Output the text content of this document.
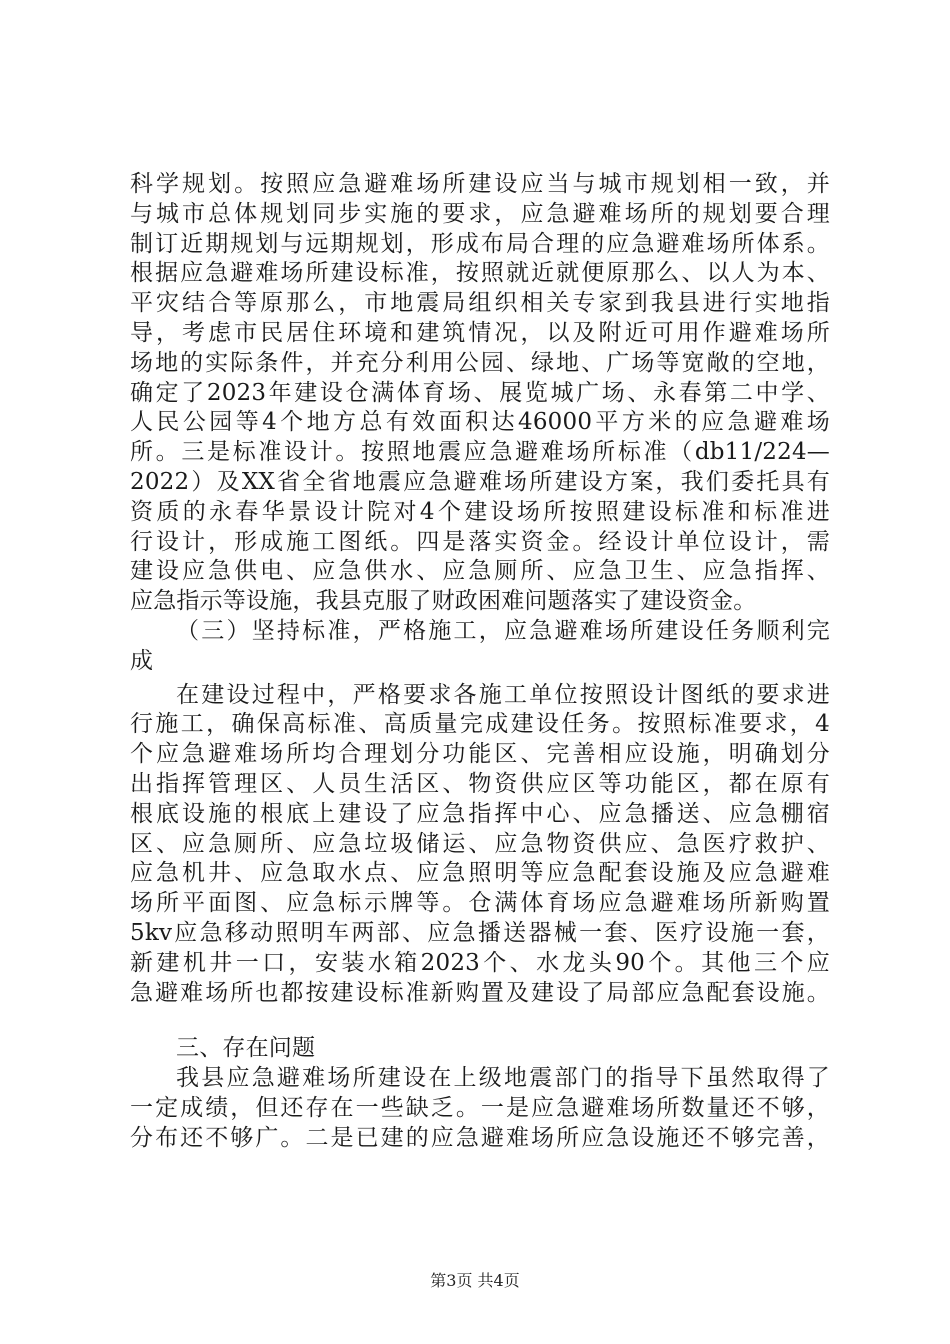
科学规划。按照应急避难场所建设应当与城市规划相一致，并
与城市总体规划同步实施的要求，应急避难场所的规划要合理
制订近期规划与远期规划，形成布局合理的应急避难场所体系。
根据应急避难场所建设标准，按照就近就便原那么、以人为本、
平灾结合等原那么，市地震局组织相关专家到我县进行实地指
导，考虑市民居住环境和建筑情况，以及附近可用作避难场所
场地的实际条件，并充分利用公园、绿地、广场等宽敞的空地，
确定了2023年建设仓满体育场、展览城广场、永春第二中学、
人民公园等4个地方总有效面积达46000平方米的应急避难场
所。三是标准设计。按照地震应急避难场所标准（db11/224—
2022）及XX省全省地震应急避难场所建设方案，我们委托具有
资质的永春华景设计院对4个建设场所按照建设标准和标准进
行设计，形成施工图纸。四是落实资金。经设计单位设计，需
建设应急供电、应急供水、应急厕所、应急卫生、应急指挥、
应急指示等设施，我县克服了财政困难问题落实了建设资金。
（三）坚持标准，严格施工，应急避难场所建设任务顺利完
成
在建设过程中，严格要求各施工单位按照设计图纸的要求进
行施工，确保高标准、高质量完成建设任务。按照标准要求，4
个应急避难场所均合理划分功能区、完善相应设施，明确划分
出指挥管理区、人员生活区、物资供应区等功能区，都在原有
根底设施的根底上建设了应急指挥中心、应急播送、应急棚宿
区、应急厕所、应急垃圾储运、应急物资供应、急医疗救护、
应急机井、应急取水点、应急照明等应急配套设施及应急避难
场所平面图、应急标示牌等。仓满体育场应急避难场所新购置
5kv应急移动照明车两部、应急播送器械一套、医疗设施一套，
新建机井一口，安装水箱2023个、水龙头90个。其他三个应
急避难场所也都按建设标准新购置及建设了局部应急配套设施。
三、存在问题
我县应急避难场所建设在上级地震部门的指导下虽然取得了
一定成绩，但还存在一些缺乏。一是应急避难场所数量还不够，
分布还不够广。二是已建的应急避难场所应急设施还不够完善，
第3页 共4页
